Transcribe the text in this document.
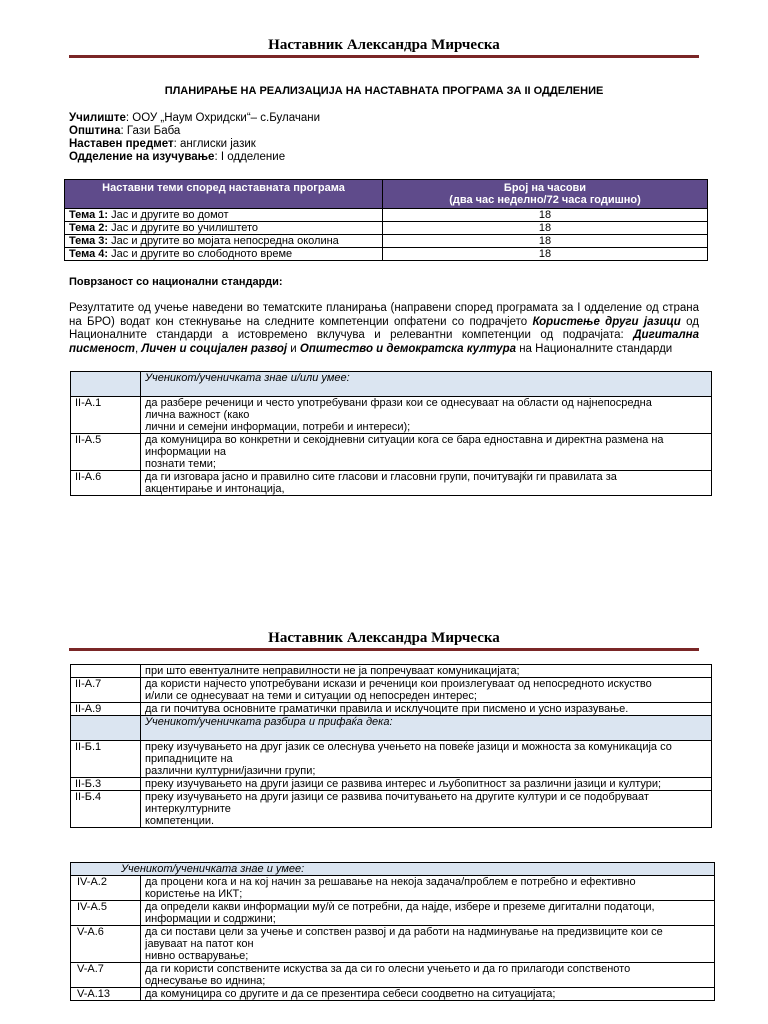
Наставник Александра Мирческа
ПЛАНИРАЊЕ НА РЕАЛИЗАЦИЈА НА НАСТАВНАТА ПРОГРАМА ЗА II ОДДЕЛЕНИЕ
Училиште: ООУ „Наум Охридски“– с.Булачани
Општина: Гази Баба
Наставен предмет: англиски јазик
Одделение на изучување: I одделение
Наставни теми според наставната програма	Број на часови
(два час неделно/72 часа годишно)

Тема 1: Јас и другите во домот	18
Тема 2: Јас и другите во училиштето	18
Тема 3: Јас и другите во мојата непосредна околина	18
Тема 4: Јас и другите во слободното време	18
Поврзаност со национални стандарди:
Резултатите од учење наведени во тематските планирања (направени според програмата за I одделение од страна на БРО) водат кон стекнување на следните компетенции опфатени со подрачјето Користење други јазици од Националните стандарди а истовремено вклучува и релевантни компетенции од подрачјата: Дигитална писменост, Личен и социјален развој и Општество и демократска култура на Националните стандарди
	Ученикот/ученичката знае и/или умее:
II-А.1	да разбере реченици и често употребувани фрази кои се однесуваат на области од најнепосредна
лична важност (како
лични и семејни информации, потреби и интереси);

II-А.5	да комуницира во конкретни и секојдневни ситуации кога се бара едноставна и директна размена на
информации на
познати теми;

II-А.6	да ги изговара јасно и правилно сите гласови и гласовни групи, почитувајќи ги правилата за
акцентирање и интонација,
Наставник Александра Мирческа

	при што евентуалните неправилности не ја попречуваат комуникацијата;

II-А.7	да користи најчесто употребувани искази и реченици кои произлегуваат од непосредното искуство
и/или се однесуваат на теми и ситуации од непосреден интерес;

II-А.9	да ги почитува основните граматички правила и исклучоците при писмено и усно изразување.

	Ученикот/ученичката разбира и прифаќа дека:
II-Б.1	преку изучувањето на друг јазик се олеснува учењето на повеќе јазици и можноста за комуникација со
припадниците на
различни културни/јазични групи;

II-Б.3	преку изучувањето на други јазици се развива интерес и љубопитност за различни јазици и култури;

II-Б.4	преку изучувањето на други јазици се развива почитувањето на другите култури и се подобруваат
интеркултурните
компетенции.
Ученикот/ученичката знае и умее:	
IV-А.2	да процени кога и на кој начин за решавање на некоја задача/проблем е потребно и ефективно
користење на ИКТ;

IV-А.5	да определи какви информации му/ѝ се потребни, да најде, избере и преземе дигитални податоци,
информации и содржини;

V-А.6	да си постави цели за учење и сопствен развој и да работи на надминување на предизвиците кои се
јавуваат на патот кон
нивно остварување;

V-А.7	да ги користи сопствените искуства за да си го олесни учењето и да го прилагоди сопственото
однесување во иднина;

V-А.13	да комуницира со другите и да се презентира себеси соодветно на ситуацијата;
